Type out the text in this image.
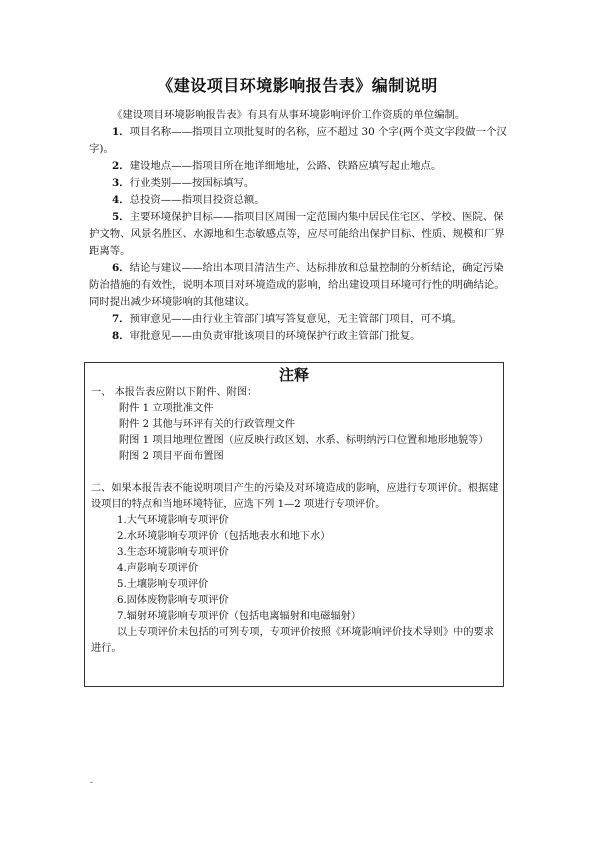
《建设项目环境影响报告表》编制说明

《建设项目环境影响报告表》有具有从事环境影响评价工作资质的单位编制。

1．项目名称——指项目立项批复时的名称，应不超过 30 个字(两个英文字段做一个汉字)。

2．建设地点——指项目所在地详细地址，公路、铁路应填写起止地点。

3．行业类别——按国标填写。

4．总投资——指项目投资总额。

5．主要环境保护目标——指项目区周围一定范围内集中居民住宅区、学校、医院、保护文物、风景名胜区、水源地和生态敏感点等，应尽可能给出保护目标、性质、规模和厂界距离等。

6．结论与建议——给出本项目清洁生产、达标排放和总量控制的分析结论，确定污染防治措施的有效性，说明本项目对环境造成的影响，给出建设项目环境可行性的明确结论。同时提出减少环境影响的其他建议。

7．预审意见——由行业主管部门填写答复意见，无主管部门项目，可不填。

8．审批意见——由负责审批该项目的环境保护行政主管部门批复。

注释
一、 本报告表应附以下附件、附图：
附件 1 立项批准文件
附件 2 其他与环评有关的行政管理文件
附图 1 项目地理位置图（应反映行政区划、水系、标明纳污口位置和地形地貌等）
附图 2 项目平面布置图
二、如果本报告表不能说明项目产生的污染及对环境造成的影响，应进行专项评价。根据建设项目的特点和当地环境特征，应选下列 1—2 项进行专项评价。
1.大气环境影响专项评价
2.水环境影响专项评价（包括地表水和地下水）
3.生态环境影响专项评价
4.声影响专项评价
5.土壤影响专项评价
6.固体废物影响专项评价
7.辐射环境影响专项评价（包括电离辐射和电磁辐射）
以上专项评价未包括的可列专项，专项评价按照《环境影响评价技术导则》中的要求进行。
-
